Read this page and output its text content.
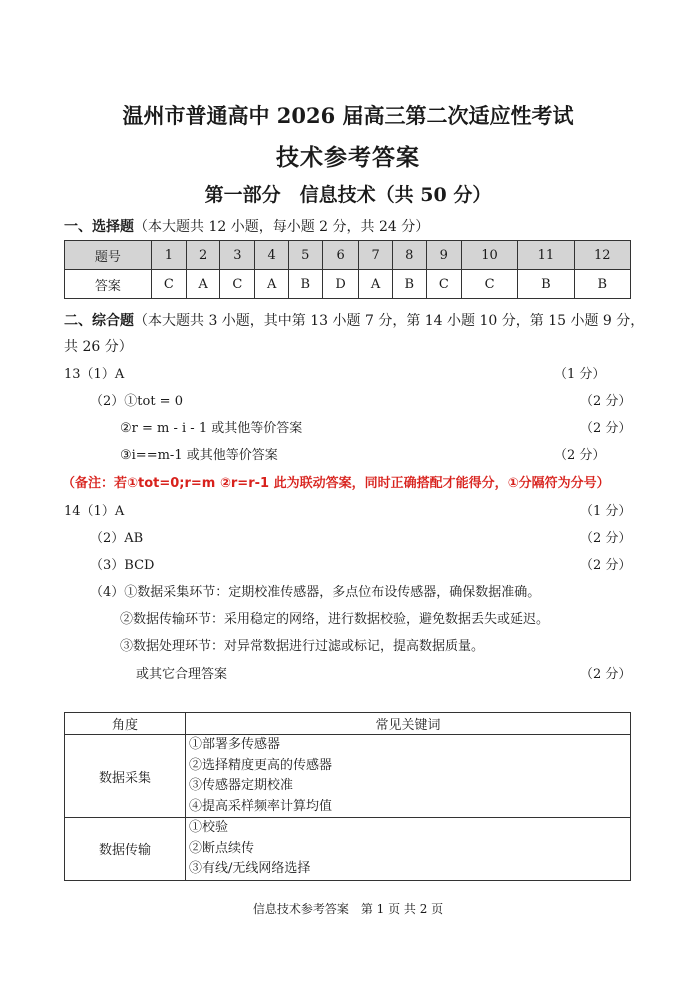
温州市普通高中 2026 届高三第二次适应性考试
技术参考答案
第一部分　信息技术（共 50 分）
一、选择题（本大题共 12 小题，每小题 2 分，共 24 分）
题号	1	2	3	4	5	6	7	8	9	10	11	12
答案	C	A	C	A	B	D	A	B	C	C	B	B
二、综合题（本大题共 3 小题，其中第 13 小题 7 分，第 14 小题 10 分，第 15 小题 9 分，
共 26 分）
13（1）A	（1 分）
（2）①tot = 0	（2 分）
②r = m - i - 1 或其他等价答案	（2 分）
③i==m-1 或其他等价答案	（2 分）
（备注：若①tot=0;r=m ②r=r-1 此为联动答案，同时正确搭配才能得分，①分隔符为分号）
14（1）A	（1 分）
（2）AB	（2 分）
（3）BCD	（2 分）
（4）①数据采集环节：定期校准传感器，多点位布设传感器，确保数据准确。
②数据传输环节：采用稳定的网络，进行数据校验，避免数据丢失或延迟。
③数据处理环节：对异常数据进行过滤或标记，提高数据质量。
或其它合理答案	（2 分）
角度	常见关键词
数据采集	①部署多传感器
②选择精度更高的传感器
③传感器定期校准
④提高采样频率计算均值

数据传输	①校验
②断点续传
③有线/无线网络选择
信息技术参考答案　第 1 页 共 2 页
